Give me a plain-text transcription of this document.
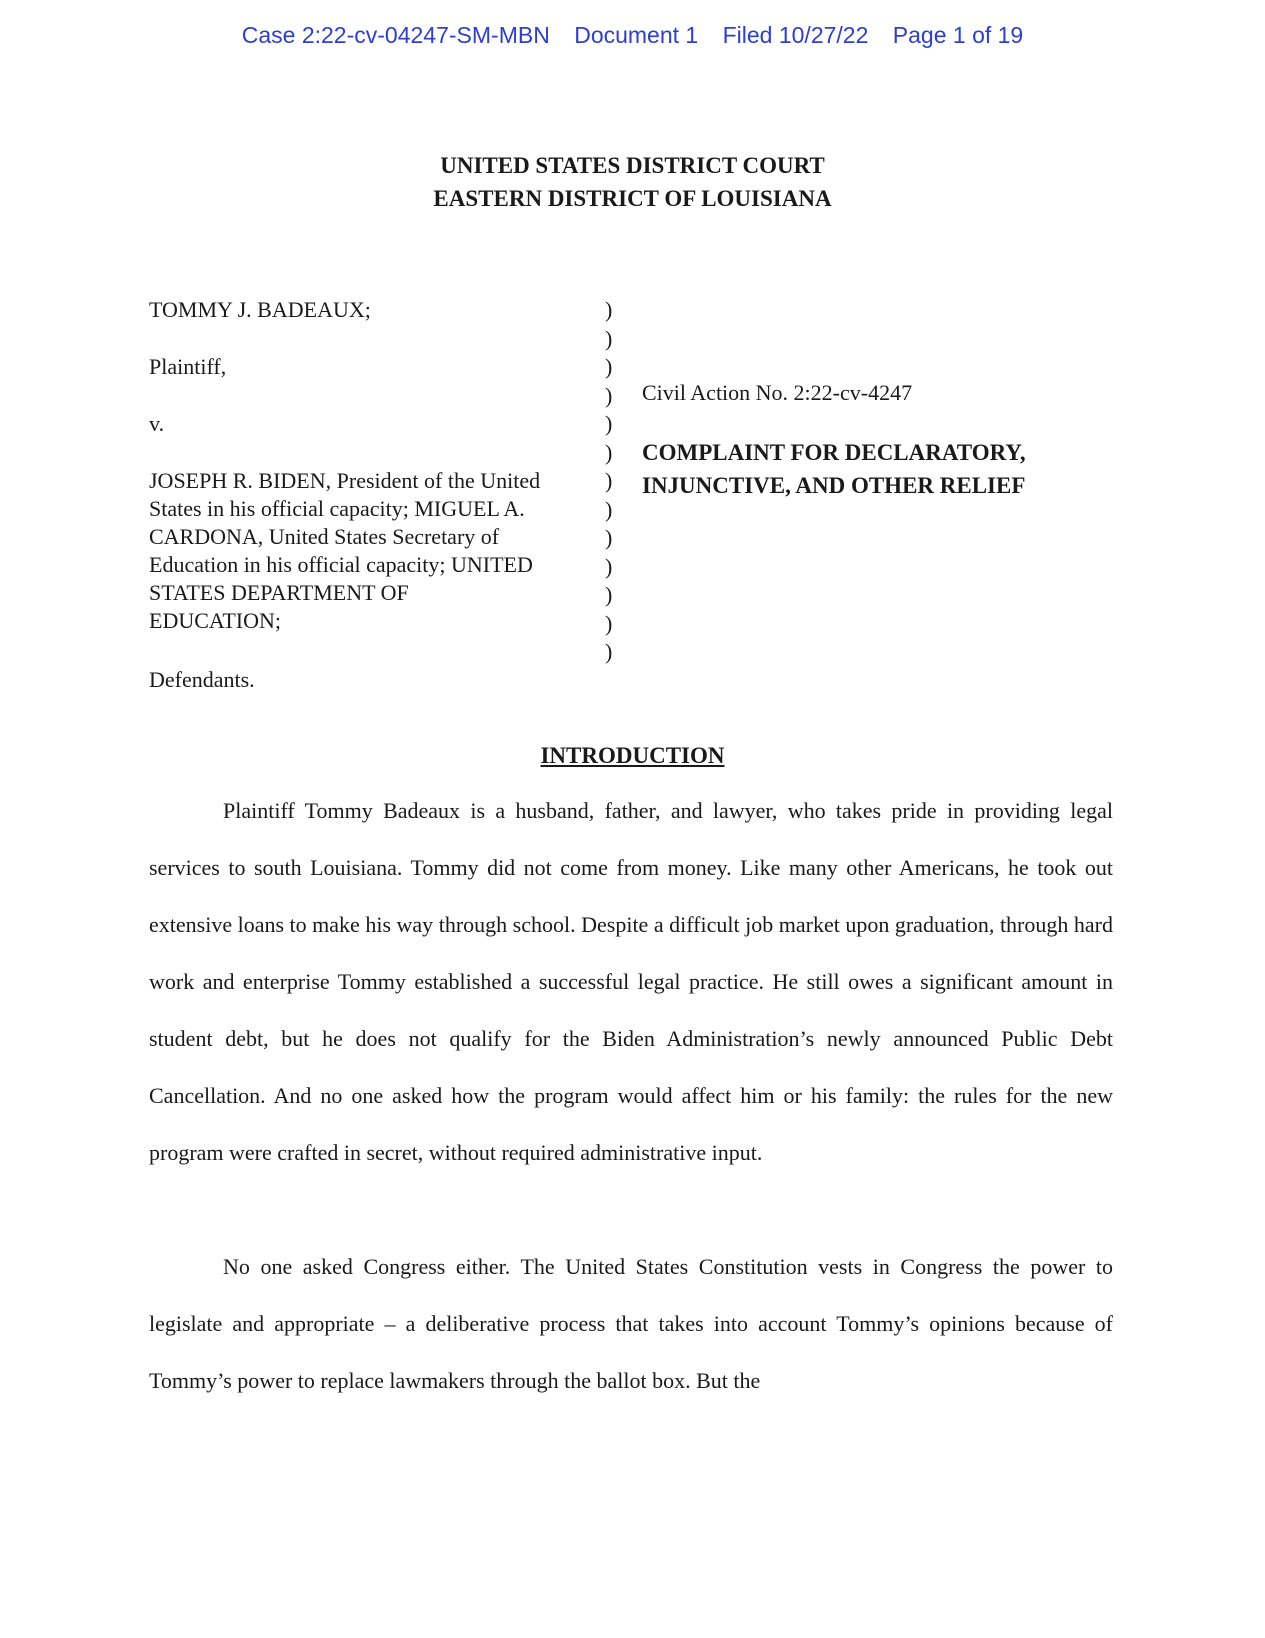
Case 2:22-cv-04247-SM-MBN Document 1 Filed 10/27/22 Page 1 of 19
UNITED STATES DISTRICT COURT
EASTERN DISTRICT OF LOUISIANA
TOMMY J. BADEAUX;
Plaintiff,
v.
JOSEPH R. BIDEN, President of the United
States in his official capacity; MIGUEL A.
CARDONA, United States Secretary of
Education in his official capacity; UNITED
STATES DEPARTMENT OF
EDUCATION;
Defendants.
)
)
)
)
)
)
)
)
)
)
)
)
)
Civil Action No. 2:22-cv-4247
COMPLAINT FOR DECLARATORY,
INJUNCTIVE, AND OTHER RELIEF
INTRODUCTION

Plaintiff Tommy Badeaux is a husband, father, and lawyer, who takes pride in providing legal services to south Louisiana. Tommy did not come from money. Like many other Americans, he took out extensive loans to make his way through school. Despite a difficult job market upon graduation, through hard work and enterprise Tommy established a successful legal practice. He still owes a significant amount in student debt, but he does not qualify for the Biden Administration’s newly announced Public Debt Cancellation. And no one asked how the program would affect him or his family: the rules for the new program were crafted in secret, without required administrative input.

No one asked Congress either. The United States Constitution vests in Congress the power to legislate and appropriate – a deliberative process that takes into account Tommy’s opinions because of Tommy’s power to replace lawmakers through the ballot box. But the
